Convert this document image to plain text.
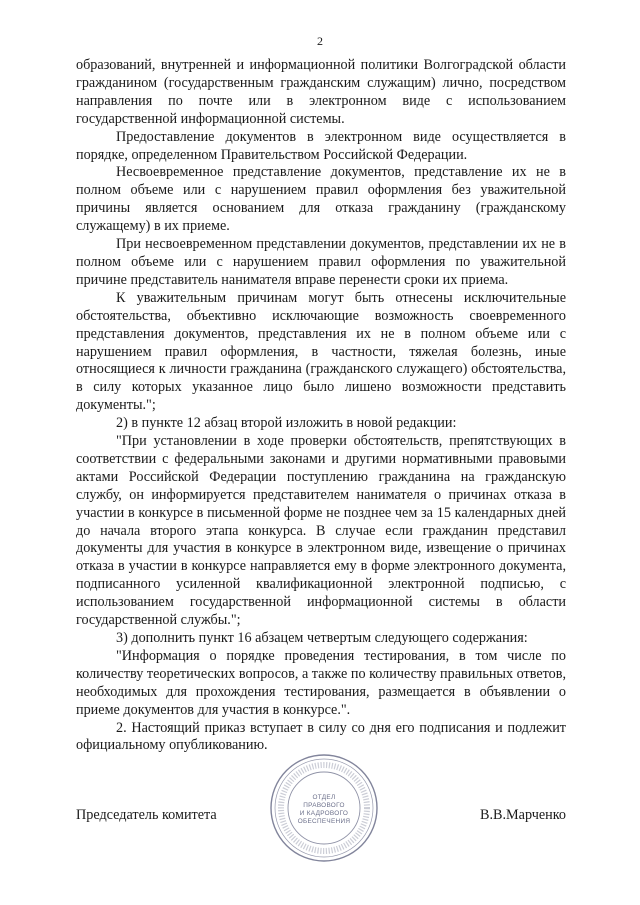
2

образований, внутренней и информационной политики Волгоградской области гражданином (государственным гражданским служащим) лично, посредством направления по почте или в электронном виде с использованием государственной информационной системы.

Предоставление документов в электронном виде осуществляется в порядке, определенном Правительством Российской Федерации.

Несвоевременное представление документов, представление их не в полном объеме или с нарушением правил оформления без уважительной причины является основанием для отказа гражданину (гражданскому служащему) в их приеме.

При несвоевременном представлении документов, представлении их не в полном объеме или с нарушением правил оформления по уважительной причине представитель нанимателя вправе перенести сроки их приема.

К уважительным причинам могут быть отнесены исключительные обстоятельства, объективно исключающие возможность своевременного представления документов, представления их не в полном объеме или с нарушением правил оформления, в частности, тяжелая болезнь, иные относящиеся к личности гражданина (гражданского служащего) обстоятельства, в силу которых указанное лицо было лишено возможности представить документы.";

2) в пункте 12 абзац второй изложить в новой редакции:

"При установлении в ходе проверки обстоятельств, препятствующих в соответствии с федеральными законами и другими нормативными правовыми актами Российской Федерации поступлению гражданина на гражданскую службу, он информируется представителем нанимателя о причинах отказа в участии в конкурсе в письменной форме не позднее чем за 15 календарных дней до начала второго этапа конкурса. В случае если гражданин представил документы для участия в конкурсе в электронном виде, извещение о причинах отказа в участии в конкурсе направляется ему в форме электронного документа, подписанного усиленной квалификационной электронной подписью, с использованием государственной информационной системы в области государственной службы.";

3) дополнить пункт 16 абзацем четвертым следующего содержания:

"Информация о порядке проведения тестирования, в том числе по количеству теоретических вопросов, а также по количеству правильных ответов, необходимых для прохождения тестирования, размещается в объявлении о приеме документов для участия в конкурсе.".

2. Настоящий приказ вступает в силу со дня его подписания и подлежит официальному опубликованию.

ОТДЕЛ
ПРАВОВОГО
И КАДРОВОГО
ОБЕСПЕЧЕНИЯ
Председатель комитета	В.В.Марченко
